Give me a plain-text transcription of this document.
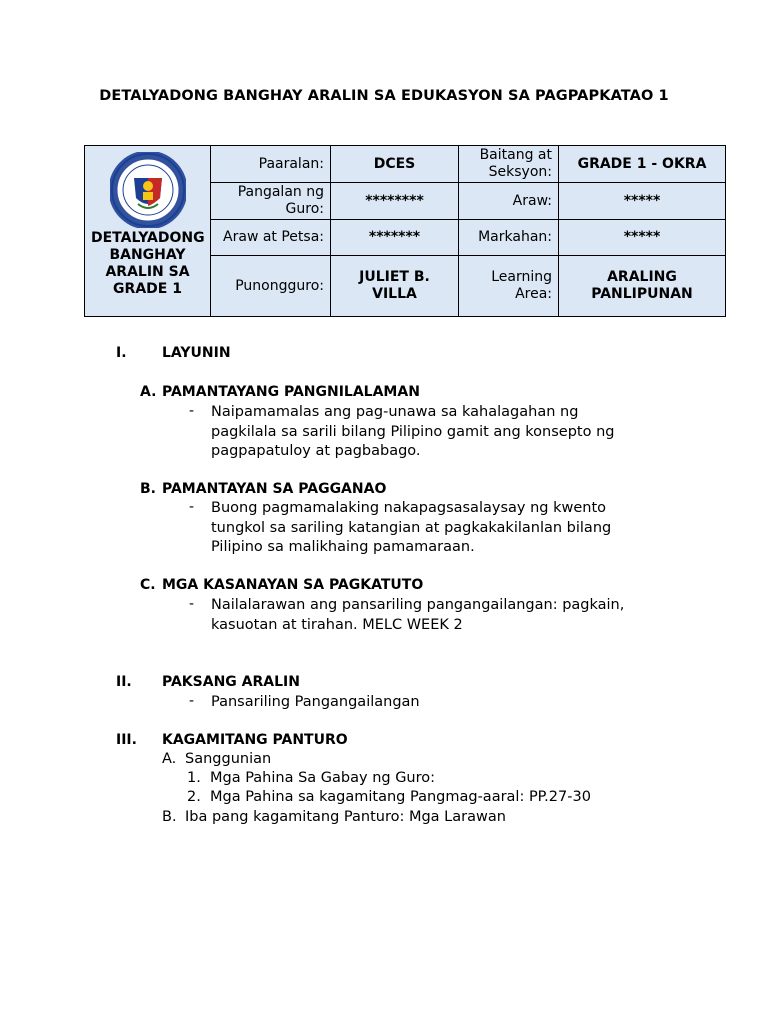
DETALYADONG BANGHAY ARALIN SA EDUKASYON SA PAGPAPKATAO 1
DETALYADONG BANGHAY ARALIN SA GRADE 1	Paaralan:	DCES	Baitang at Seksyon:	GRADE 1 - OKRA
	Pangalan ng Guro:	********	Araw:	*****
	Araw at Petsa:	*******	Markahan:	*****
	Punongguro:	JULIET B. VILLA	Learning Area:	ARALING PANLIPUNAN
I.	LAYUNIN
A. PAMANTAYANG PANGNILALAMAN
- Naipamamalas ang pag-unawa sa kahalagahan ng
pagkilala sa sarili bilang Pilipino gamit ang konsepto ng
pagpapatuloy at pagbabago.
B. PAMANTAYAN SA PAGGANAO
- Buong pagmamalaking nakapagsasalaysay ng kwento
tungkol sa sariling katangian at pagkakakilanlan bilang
Pilipino sa malikhaing pamamaraan.
C. MGA KASANAYAN SA PAGKATUTO
- Nailalarawan ang pansariling pangangailangan: pagkain,
kasuotan at tirahan. MELC WEEK 2
II. PAKSANG ARALIN
- Pansariling Pangangailangan
III. KAGAMITANG PANTURO
A. Sanggunian
1. Mga Pahina Sa Gabay ng Guro:
2. Mga Pahina sa kagamitang Pangmag-aaral: PP.27-30
B. Iba pang kagamitang Panturo: Mga Larawan
